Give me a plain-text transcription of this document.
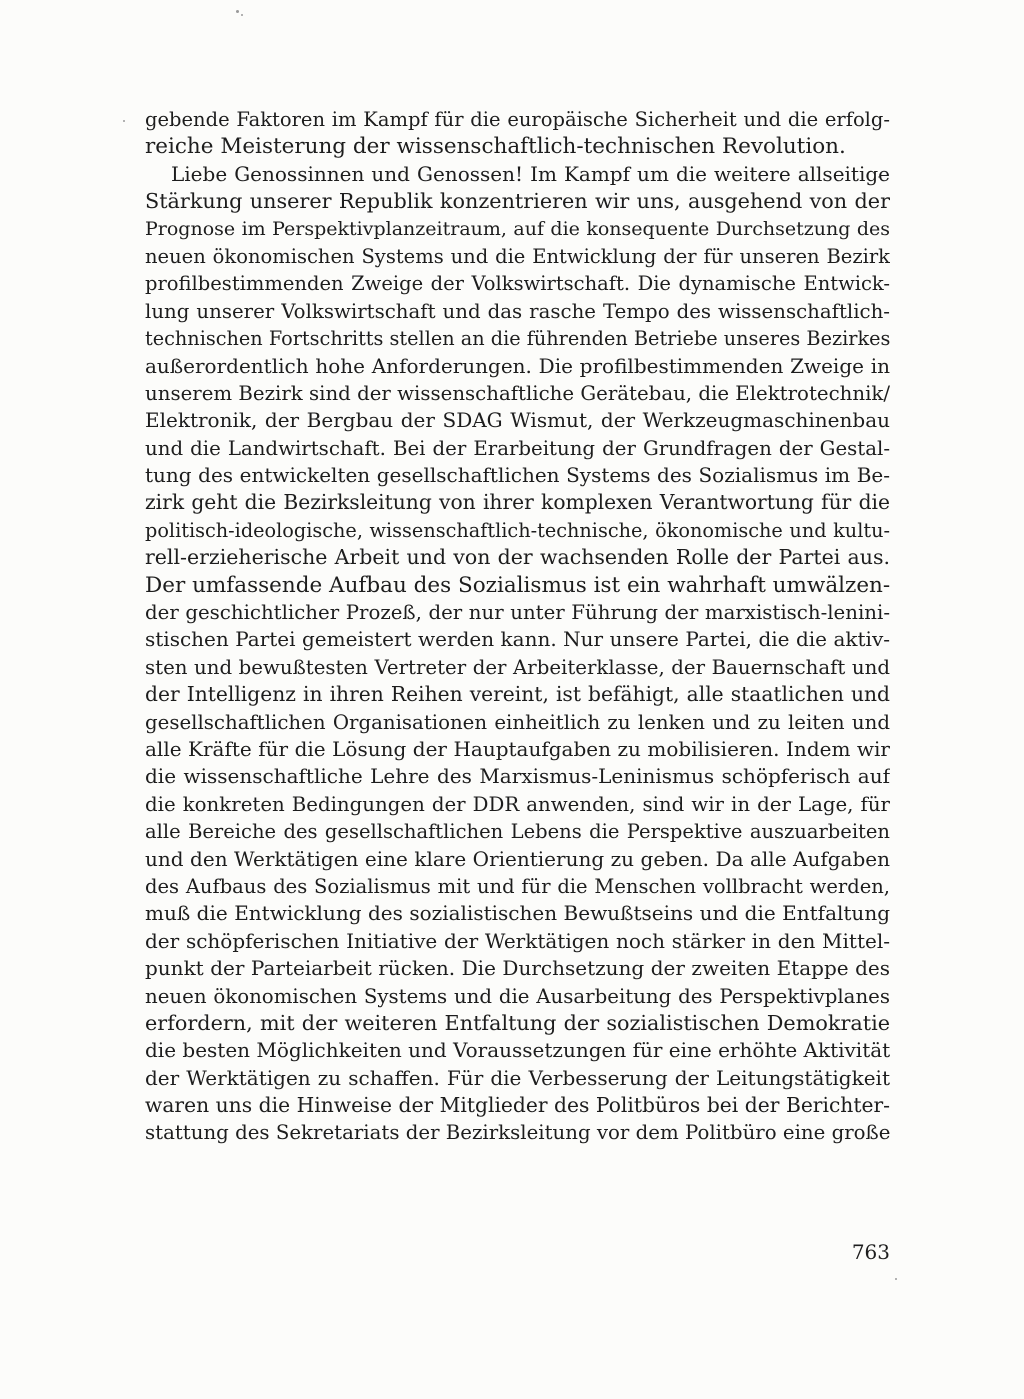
gebende Faktoren im Kampf für die europäische Sicherheit und die erfolg-
reiche Meisterung der wissenschaftlich-technischen Revolution.
Liebe Genossinnen und Genossen! Im Kampf um die weitere allseitige
Stärkung unserer Republik konzentrieren wir uns, ausgehend von der
Prognose im Perspektivplanzeitraum, auf die konsequente Durchsetzung des
neuen ökonomischen Systems und die Entwicklung der für unseren Bezirk
profilbestimmenden Zweige der Volkswirtschaft. Die dynamische Entwick-
lung unserer Volkswirtschaft und das rasche Tempo des wissenschaftlich-
technischen Fortschritts stellen an die führenden Betriebe unseres Bezirkes
außerordentlich hohe Anforderungen. Die profilbestimmenden Zweige in
unserem Bezirk sind der wissenschaftliche Gerätebau, die Elektrotechnik/
Elektronik, der Bergbau der SDAG Wismut, der Werkzeugmaschinenbau
und die Landwirtschaft. Bei der Erarbeitung der Grundfragen der Gestal-
tung des entwickelten gesellschaftlichen Systems des Sozialismus im Be-
zirk geht die Bezirksleitung von ihrer komplexen Verantwortung für die
politisch-ideologische, wissenschaftlich-technische, ökonomische und kultu-
rell-erzieherische Arbeit und von der wachsenden Rolle der Partei aus.
Der umfassende Aufbau des Sozialismus ist ein wahrhaft umwälzen-
der geschichtlicher Prozeß, der nur unter Führung der marxistisch-lenini-
stischen Partei gemeistert werden kann. Nur unsere Partei, die die aktiv-
sten und bewußtesten Vertreter der Arbeiterklasse, der Bauernschaft und
der Intelligenz in ihren Reihen vereint, ist befähigt, alle staatlichen und
gesellschaftlichen Organisationen einheitlich zu lenken und zu leiten und
alle Kräfte für die Lösung der Hauptaufgaben zu mobilisieren. Indem wir
die wissenschaftliche Lehre des Marxismus-Leninismus schöpferisch auf
die konkreten Bedingungen der DDR anwenden, sind wir in der Lage, für
alle Bereiche des gesellschaftlichen Lebens die Perspektive auszuarbeiten
und den Werktätigen eine klare Orientierung zu geben. Da alle Aufgaben
des Aufbaus des Sozialismus mit und für die Menschen vollbracht werden,
muß die Entwicklung des sozialistischen Bewußtseins und die Entfaltung
der schöpferischen Initiative der Werktätigen noch stärker in den Mittel-
punkt der Parteiarbeit rücken. Die Durchsetzung der zweiten Etappe des
neuen ökonomischen Systems und die Ausarbeitung des Perspektivplanes
erfordern, mit der weiteren Entfaltung der sozialistischen Demokratie
die besten Möglichkeiten und Voraussetzungen für eine erhöhte Aktivität
der Werktätigen zu schaffen. Für die Verbesserung der Leitungstätigkeit
waren uns die Hinweise der Mitglieder des Politbüros bei der Berichter-
stattung des Sekretariats der Bezirksleitung vor dem Politbüro eine große
763
